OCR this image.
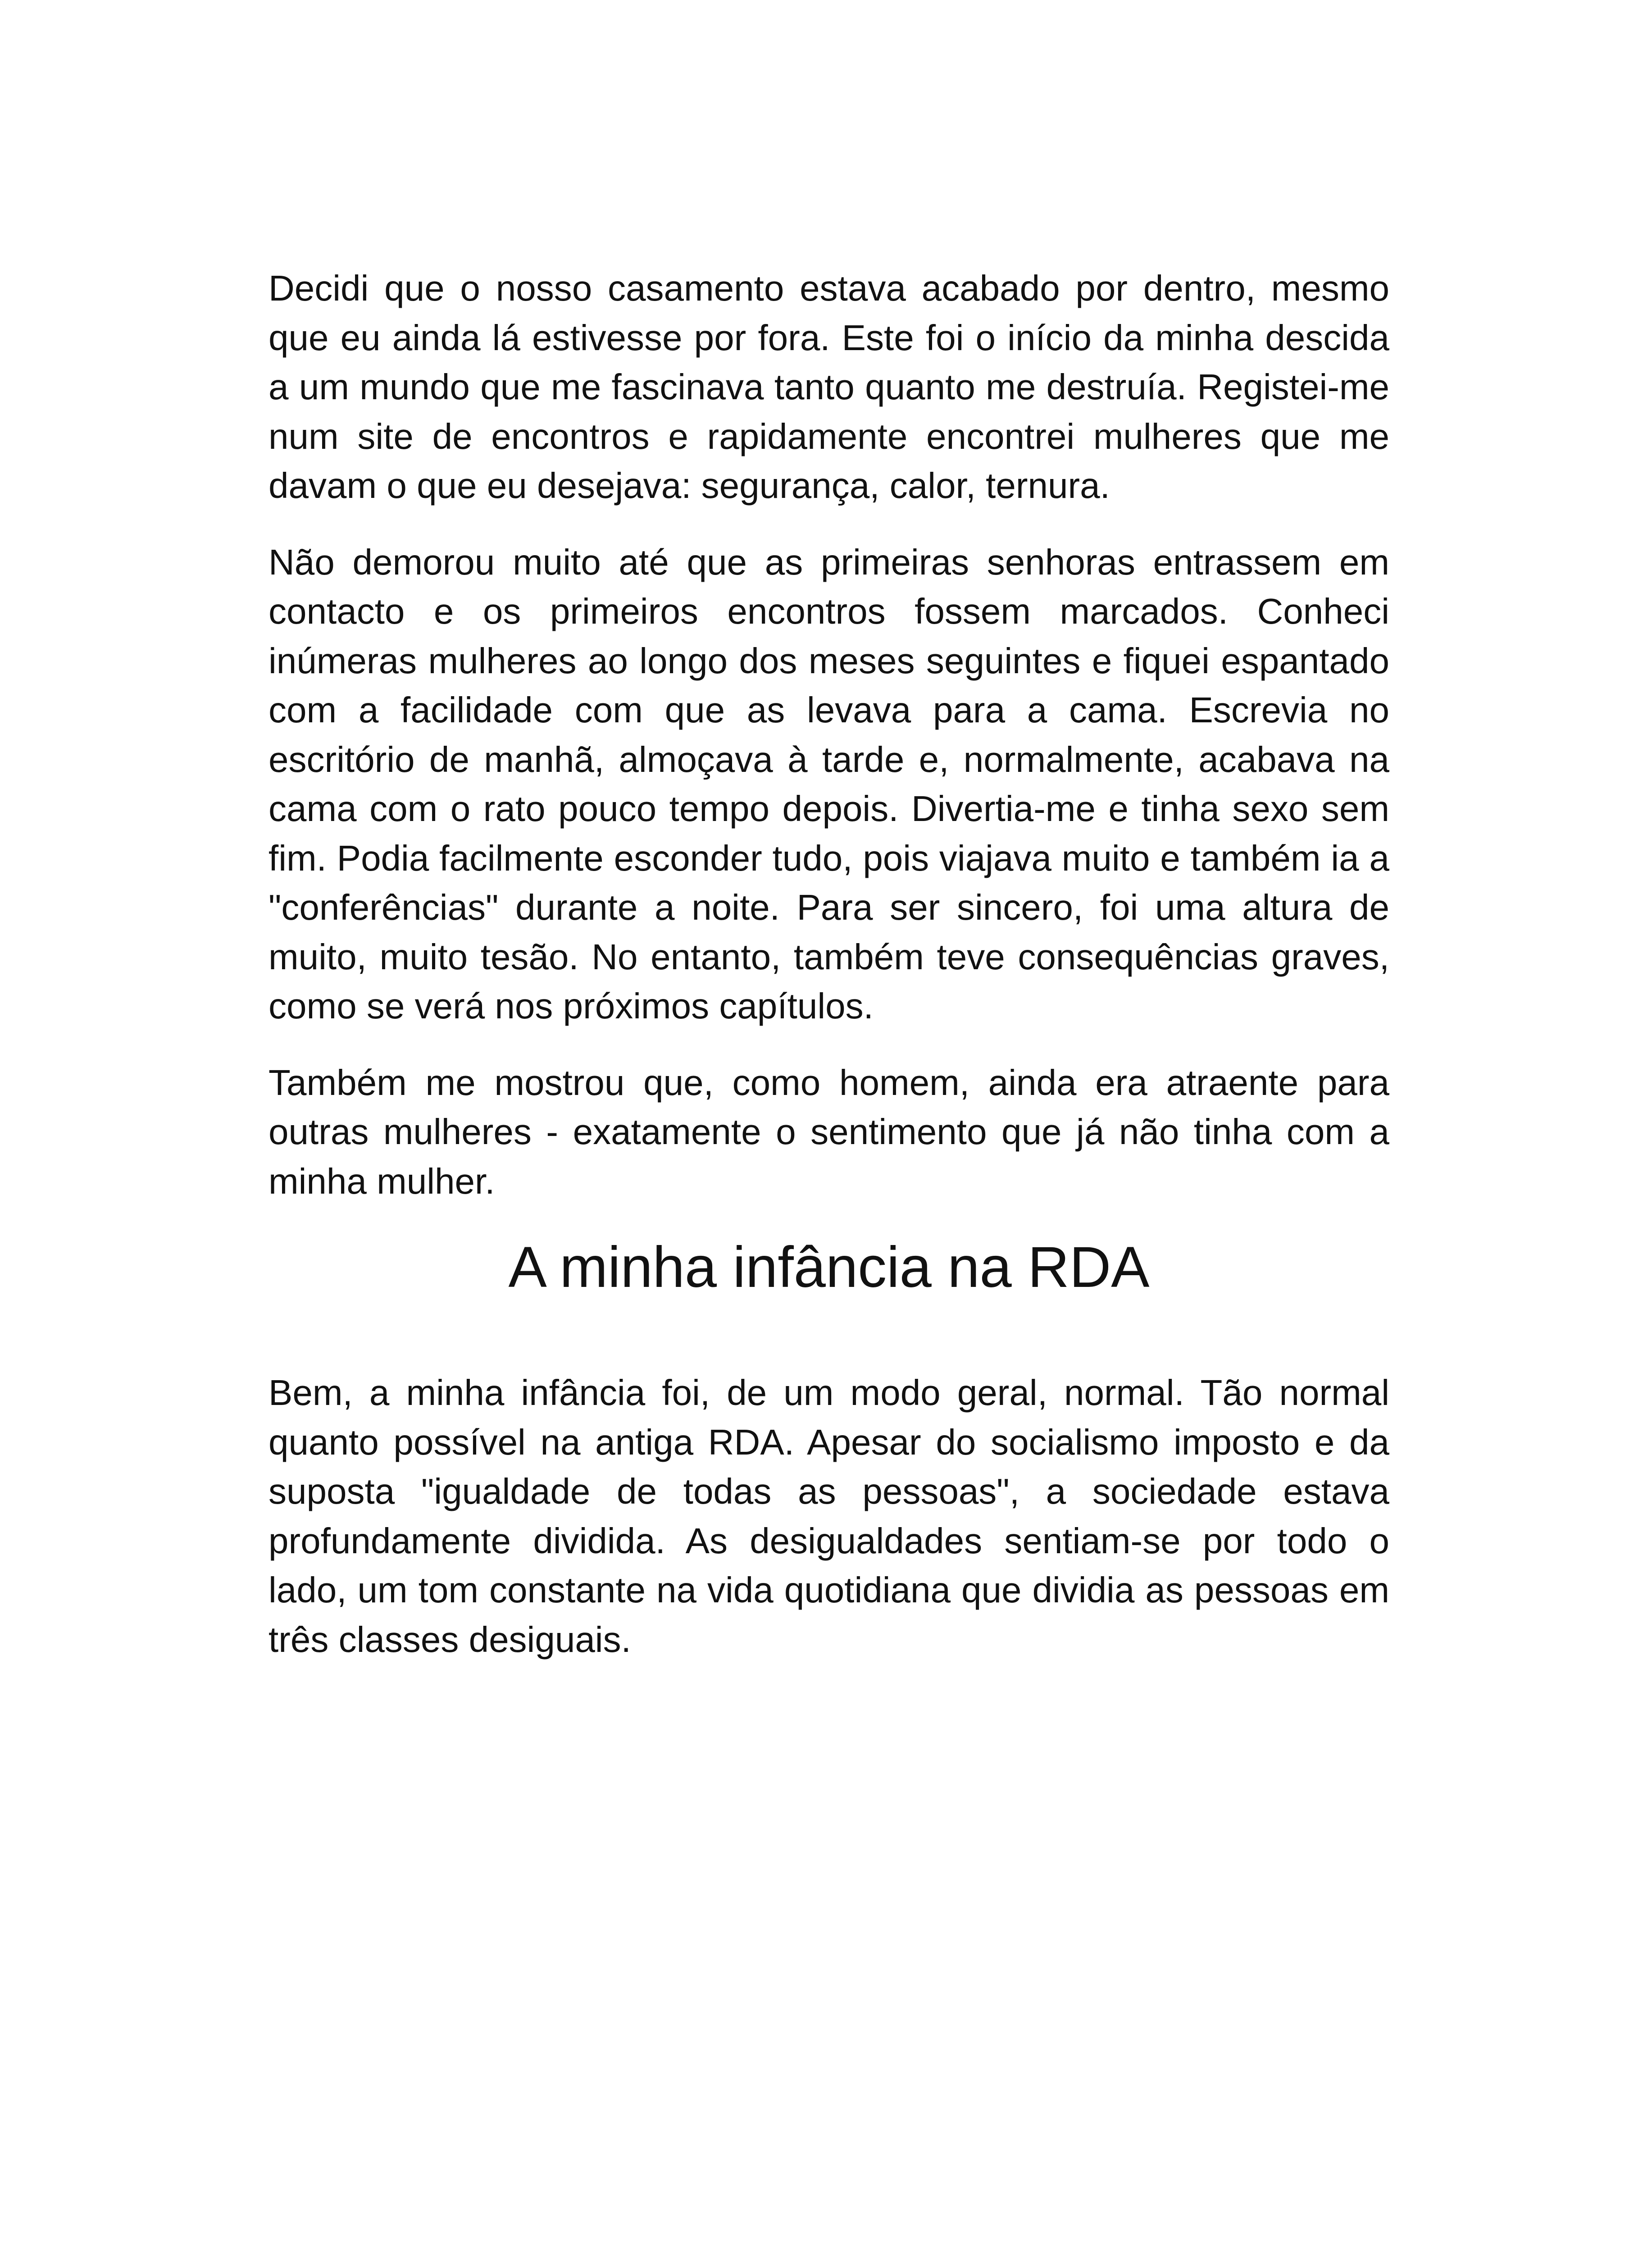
Decidi que o nosso casamento estava acabado por dentro, mesmo que eu ainda lá estivesse por fora. Este foi o início da minha descida a um mundo que me fascinava tanto quanto me destruía. Registei-me num site de encontros e rapidamente encontrei mulheres que me davam o que eu desejava: segurança, calor, ternura.

Não demorou muito até que as primeiras senhoras entrassem em contacto e os primeiros encontros fossem marcados. Conheci inúmeras mulheres ao longo dos meses seguintes e fiquei espantado com a facilidade com que as levava para a cama. Escrevia no escritório de manhã, almoçava à tarde e, normalmente, acabava na cama com o rato pouco tempo depois. Divertia-me e tinha sexo sem fim. Podia facilmente esconder tudo, pois viajava muito e também ia a "conferências" durante a noite. Para ser sincero, foi uma altura de muito, muito tesão. No entanto, também teve consequências graves, como se verá nos próximos capítulos.

Também me mostrou que, como homem, ainda era atraente para outras mulheres - exatamente o sentimento que já não tinha com a minha mulher.

A minha infância na RDA

Bem, a minha infância foi, de um modo geral, normal. Tão normal quanto possível na antiga RDA. Apesar do socialismo imposto e da suposta "igualdade de todas as pessoas", a sociedade estava profundamente dividida. As desigualdades sentiam-se por todo o lado, um tom constante na vida quotidiana que dividia as pessoas em três classes desiguais.
